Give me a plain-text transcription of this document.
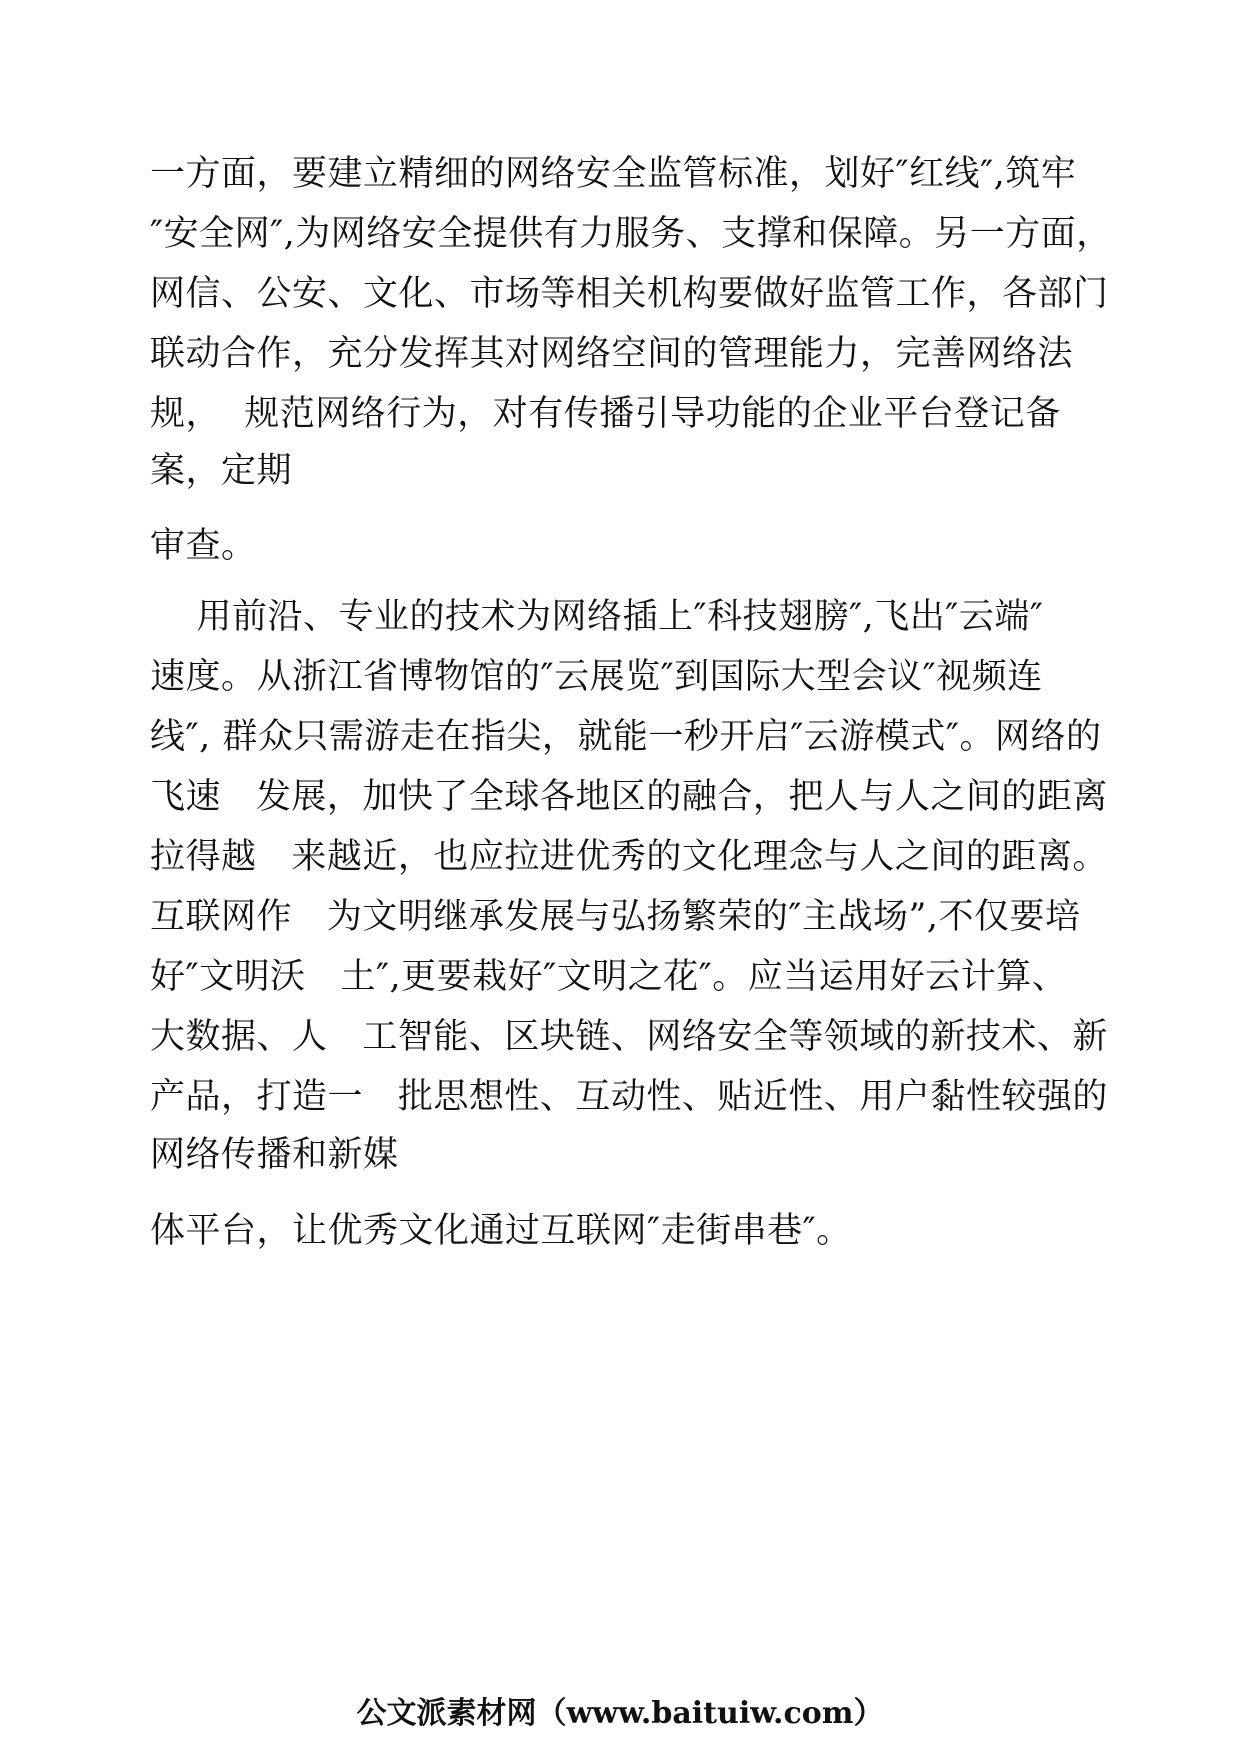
一方面，要建立精细的网络安全监管标准，划好″红线″,筑牢
″安全网″,为网络安全提供有力服务、支撑和保障。另一方面，
网信、公安、文化、市场等相关机构要做好监管工作，各部门
联动合作，充分发挥其对网络空间的管理能力，完善网络法
规，  规范网络行为，对有传播引导功能的企业平台登记备
案，定期
审查。
用前沿、专业的技术为网络插上″科技翅膀″,飞出″云端″
速度。从浙江省博物馆的″云展览″到国际大型会议″视频连
线″, 群众只需游走在指尖，就能一秒开启″云游模式″。网络的
飞速   发展，加快了全球各地区的融合，把人与人之间的距离
拉得越   来越近，也应拉进优秀的文化理念与人之间的距离。
互联网作   为文明继承发展与弘扬繁荣的″主战场”,不仅要培
好″文明沃   土″,更要栽好″文明之花″。应当运用好云计算、
大数据、人   工智能、区块链、网络安全等领域的新技术、新
产品，打造一   批思想性、互动性、贴近性、用户黏性较强的
网络传播和新媒
体平台，让优秀文化通过互联网″走街串巷″。
公文派素材网（www.baituiw.com）
